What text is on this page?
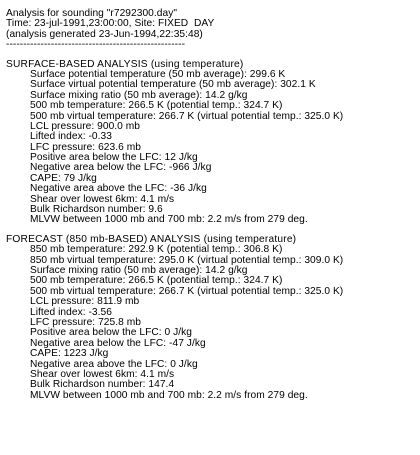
Analysis for sounding "r7292300.day"
Time: 23-jul-1991,23:00:00, Site: FIXED  DAY
(analysis generated 23-Jun-1994,22:35:48)
----------------------------------------------------
SURFACE-BASED ANALYSIS (using temperature)
Surface potential temperature (50 mb average): 299.6 K
Surface virtual potential temperature (50 mb average): 302.1 K
Surface mixing ratio (50 mb average): 14.2 g/kg
500 mb temperature: 266.5 K (potential temp.: 324.7 K)
500 mb virtual temperature: 266.7 K (virtual potential temp.: 325.0 K)
LCL pressure: 900.0 mb
Lifted index: -0.33
LFC pressure: 623.6 mb
Positive area below the LFC: 12 J/kg
Negative area below the LFC: -966 J/kg
CAPE: 79 J/kg
Negative area above the LFC: -36 J/kg
Shear over lowest 6km: 4.1 m/s
Bulk Richardson number: 9.6
MLVW between 1000 mb and 700 mb: 2.2 m/s from 279 deg.
FORECAST (850 mb-BASED) ANALYSIS (using temperature)
850 mb temperature: 292.9 K (potential temp.: 306.8 K)
850 mb virtual temperature: 295.0 K (virtual potential temp.: 309.0 K)
Surface mixing ratio (50 mb average): 14.2 g/kg
500 mb temperature: 266.5 K (potential temp.: 324.7 K)
500 mb virtual temperature: 266.7 K (virtual potential temp.: 325.0 K)
LCL pressure: 811.9 mb
Lifted index: -3.56
LFC pressure: 725.8 mb
Positive area below the LFC: 0 J/kg
Negative area below the LFC: -47 J/kg
CAPE: 1223 J/kg
Negative area above the LFC: 0 J/kg
Shear over lowest 6km: 4.1 m/s
Bulk Richardson number: 147.4
MLVW between 1000 mb and 700 mb: 2.2 m/s from 279 deg.
